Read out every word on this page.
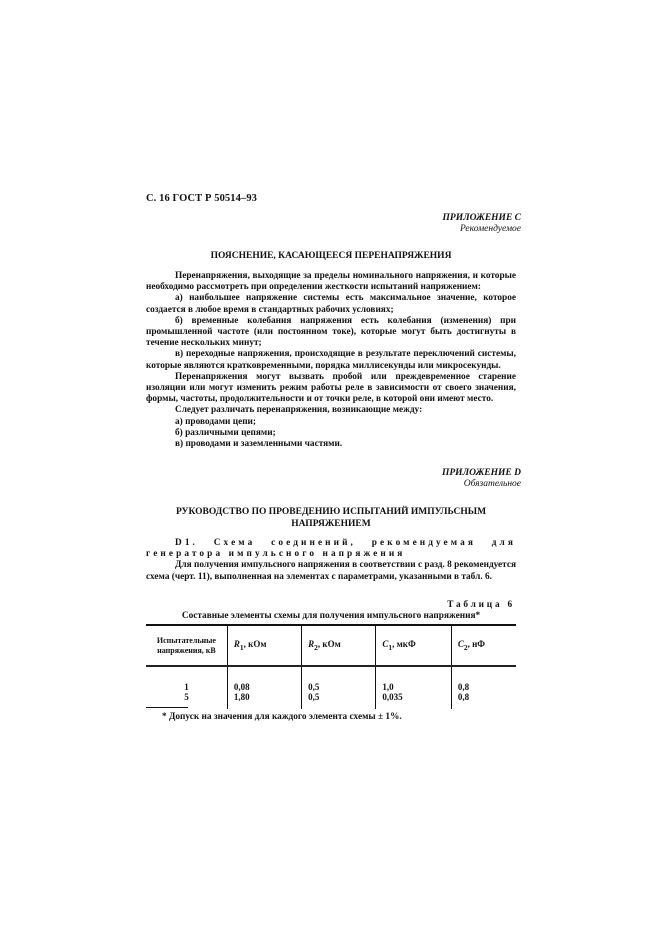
С. 16 ГОСТ Р 50514–93
ПРИЛОЖЕНИЕ С
Рекомендуемое
ПОЯСНЕНИЕ, КАСАЮЩЕЕСЯ ПЕРЕНАПРЯЖЕНИЯ

Перенапряжения, выходящие за пределы номинального напряжения, и которые необходимо рассмотреть при определении жесткости испытаний напряжением:

а) наибольшее напряжение системы есть максимальное значение, которое создается в любое время в стандартных рабочих условиях;

б) временные колебания напряжения есть колебания (изменения) при промышленной частоте (или постоянном токе), которые могут быть достигнуты в течение нескольких минут;

в) переходные напряжения, происходящие в результате переключений системы, которые являются кратковременными, порядка миллисекунды или микросекунды.

Перенапряжения могут вызвать пробой или преждевременное старение изоляции или могут изменить режим работы реле в зависимости от своего значения, формы, частоты, продолжительности и от точки реле, в которой они имеют место.

Следует различать перенапряжения, возникающие между:

а) проводами цепи;

б) различными цепями;

в) проводами и заземленными частями.

ПРИЛОЖЕНИЕ D
Обязательное
РУКОВОДСТВО ПО ПРОВЕДЕНИЮ ИСПЫТАНИЙ ИМПУЛЬСНЫМ
НАПРЯЖЕНИЕМ

D1. Схема соединений, рекомендуемая для генератора импульсного напряжения

Для получения импульсного напряжения в соответствии с разд. 8 рекомендуется схема (черт. 11), выполненная на элементах с параметрами, указанными в табл. 6.

Таблица 6
Составные элементы схемы для получения импульсного напряжения*
Испытательные напряжения, кВ	$R_1$, кОм	$R_2$, кОм	$C_1$, мкФ	$C_2$, нФ
1	0,08	0,5	1,0	0,8
5	1,80	0,5	0,035	0,8
* Допуск на значения для каждого элемента схемы ± 1%.
